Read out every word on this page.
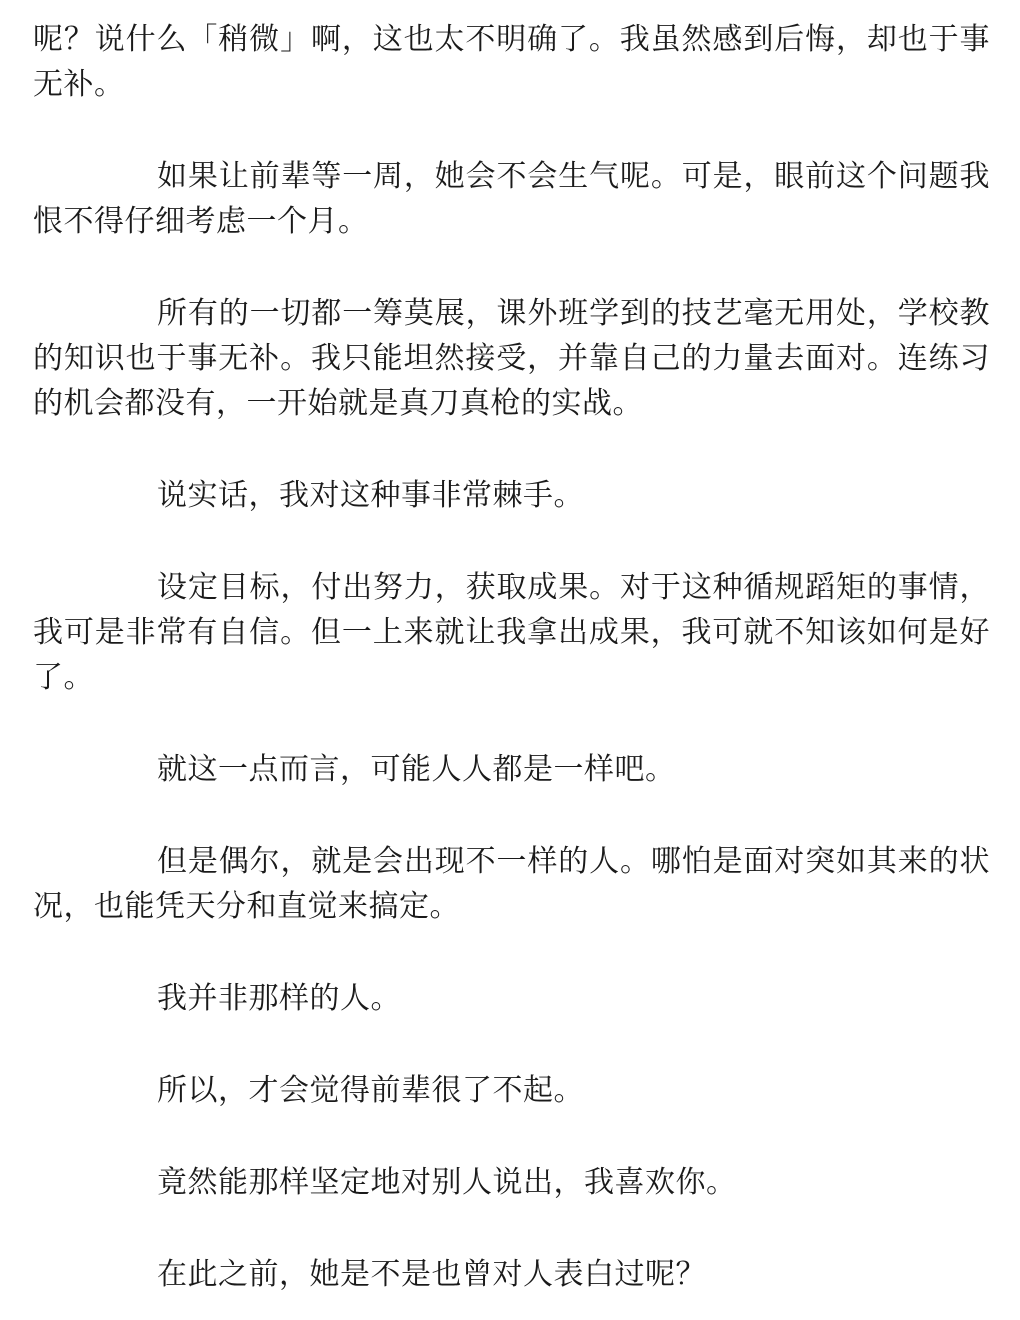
呢？说什么「稍微」啊，这也太不明确了。我虽然感到后悔，却也于事无补。

如果让前辈等一周，她会不会生气呢。可是，眼前这个问题我恨不得仔细考虑一个月。

所有的一切都一筹莫展，课外班学到的技艺毫无用处，学校教的知识也于事无补。我只能坦然接受，并靠自己的力量去面对。连练习的机会都没有，一开始就是真刀真枪的实战。

说实话，我对这种事非常棘手。

设定目标，付出努力，获取成果。对于这种循规蹈矩的事情，我可是非常有自信。但一上来就让我拿出成果，我可就不知该如何是好了。

就这一点而言，可能人人都是一样吧。

但是偶尔，就是会出现不一样的人。哪怕是面对突如其来的状况，也能凭天分和直觉来搞定。

我并非那样的人。

所以，才会觉得前辈很了不起。

竟然能那样坚定地对别人说出，我喜欢你。

在此之前，她是不是也曾对人表白过呢？
